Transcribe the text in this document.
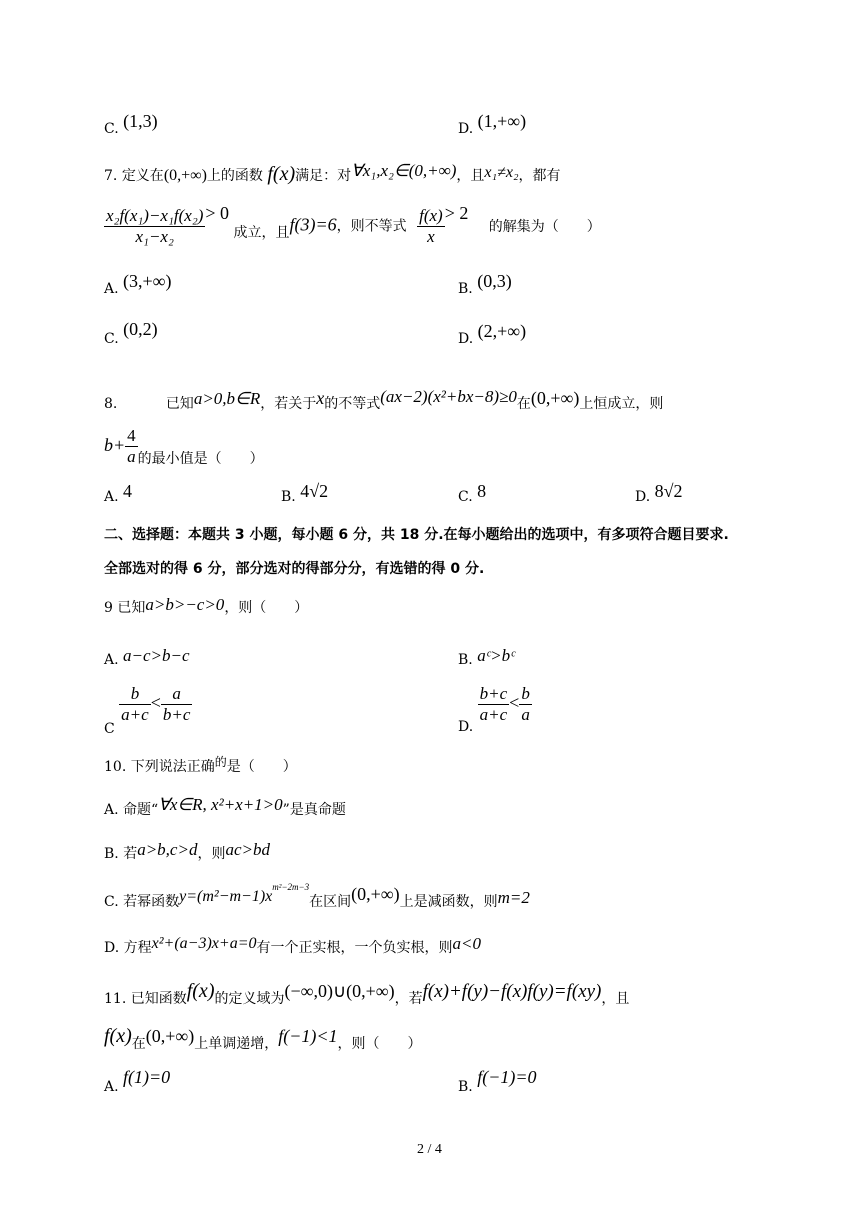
C. (1,3)	D. (1,+∞)
7. 定义在(0,+∞)上的函数 f(x)满足：对∀x₁,x₂∈(0,+∞)，且x₁≠x₂，都有
$\frac{\text{x₂f(x₁)−x₁f(x₂)}}{\text{x₁−x₂}} > 0$ 成立，且f(3)=6，则不等式 $\frac{f(x)}{x} > 2$ 的解集为（　　）
A. (3,+∞)	B. (0,3)
C. (0,2)	D. (2,+∞)
8.	已知a>0,b∈R，若关于x的不等式(ax−2)(x²+bx−8)≥0在(0,+∞)上恒成立，则
$b+ \frac{4}{a}$ 的最小值是（　　）
A. 4	B. 4√2	C. 8	D. 8√2
二、选择题：本题共 3 小题，每小题 6 分，共 18 分.在每小题给出的选项中，有多项符合题目要求.
全部选对的得 6 分，部分选对的得部分分，有选错的得 0 分.
9 已知a>b>−c>0，则（　　）
A. a−c>b−c	B. aᶜ>bᶜ
C
$\frac{b}{a+c} < \frac{a}{b+c}$
D.
$\frac{b+c}{a+c} < \frac{b}{a}$
10. 下列说法正确的是（　　）
A. 命题“∀x∈R, x²+x+1>0”是真命题
B. 若a>b,c>d，则ac>bd
C. 若幂函数$y=(m^2-m-1)x^{m^2-2m-3}$在区间(0,+∞)上是减函数，则m=2
D. 方程x²+(a−3)x+a=0有一个正实根，一个负实根，则a<0
11. 已知函数f(x)的定义域为(−∞,0)∪(0,+∞)，若f(x)+f(y)−f(x)f(y)=f(xy)，且
f(x)在(0,+∞)上单调递增，f(−1)<1，则（　　）
A. f(1)=0	B. f(−1)=0
2 / 4
